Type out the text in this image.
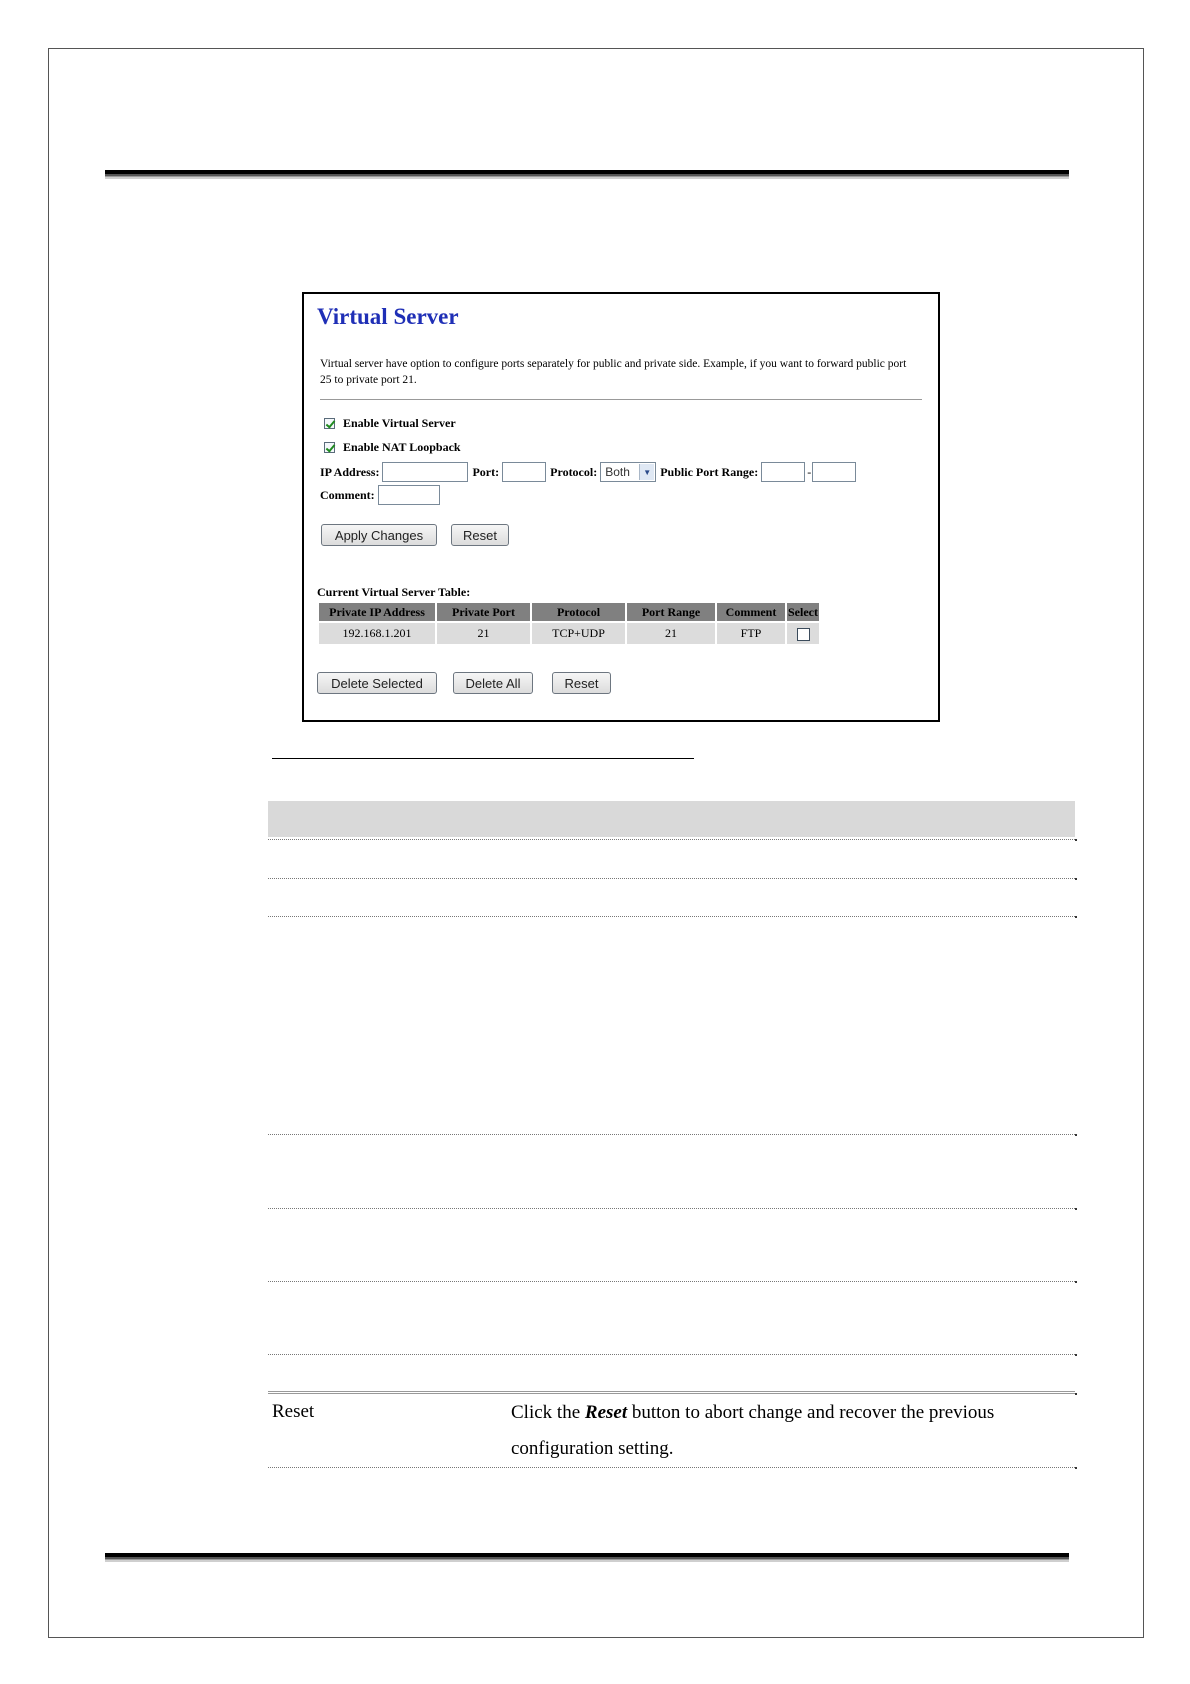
Virtual Server

Virtual server have option to configure ports separately for public and private side. Example, if you want to forward public port 25 to private port 21.

Enable Virtual Server
Enable NAT Loopback
IP Address:	Port:	Protocol: Both	▼ Public Port Range:	-
Comment:
Apply Changes	Reset
Current Virtual Server Table:
Private IP Address	Private Port	Protocol	Port Range	Comment	Select
192.168.1.201	21	TCP+UDP	21	FTP	
Delete Selected	Delete All	Reset
Reset	Click the Reset button to abort change and recover the previous configuration setting.
